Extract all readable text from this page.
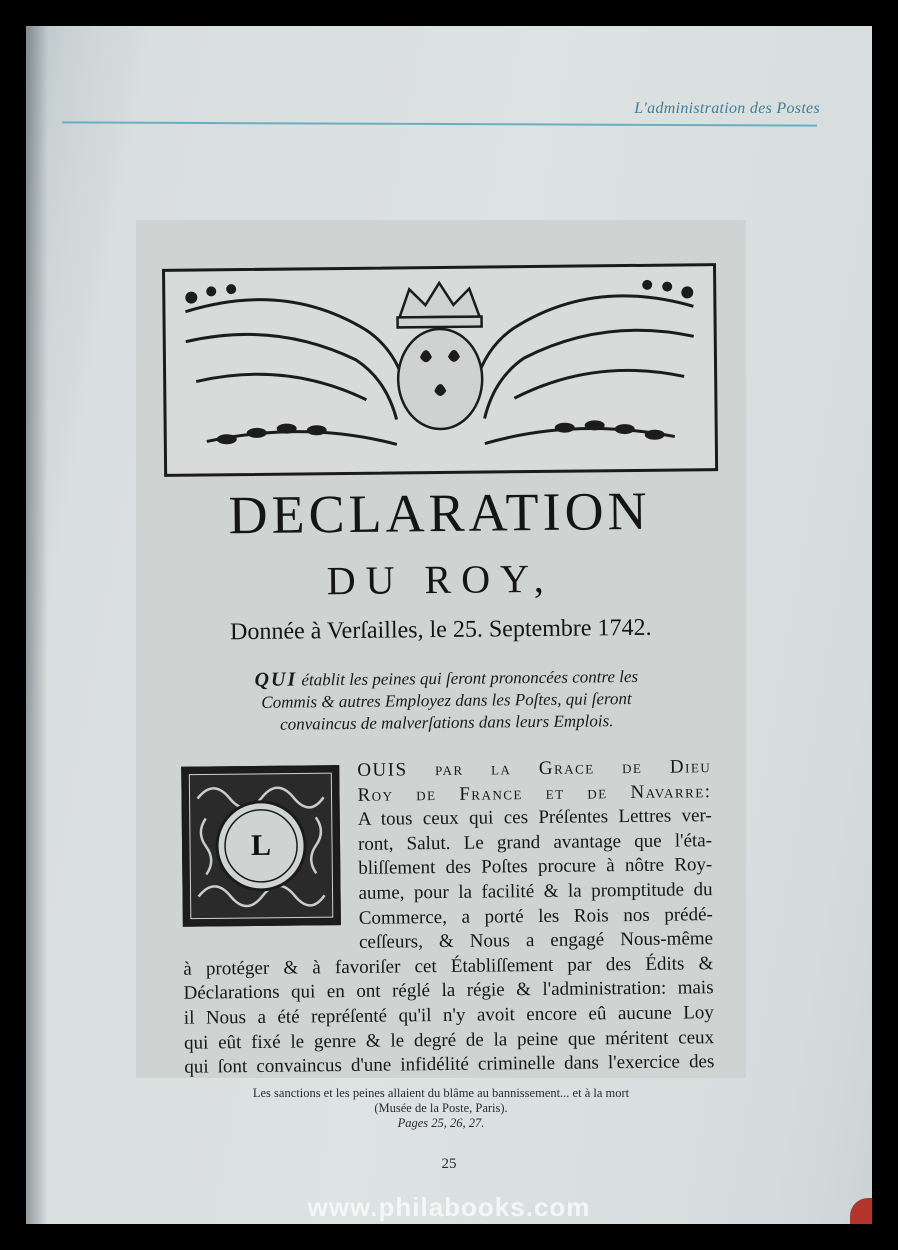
L'administration des Postes
DECLARATION
DU ROY,
Donnée à Verſailles, le 25. Septembre 1742.
QUI établit les peines qui ſeront prononcées contre les
Commis & autres Employez dans les Poſtes, qui ſeront
convaincus de malverſations dans leurs Emplois.
L
OUIS par la Grace de Dieu
Roy de France et de Navarre:
A tous ceux qui ces Préſentes Lettres ver-
ront, Salut. Le grand avantage que l'éta-
bliſſement des Poſtes procure à nôtre Roy-
aume, pour la facilité & la promptitude du
Commerce, a porté les Rois nos prédé-
ceſſeurs, & Nous a engagé Nous-même
à protéger & à favoriſer cet Établiſſement par des Édits &
Déclarations qui en ont réglé la régie & l'administration: mais
il Nous a été repréſenté qu'il n'y avoit encore eû aucune Loy
qui eût fixé le genre & le degré de la peine que méritent ceux
qui ſont convaincus d'une infidélité criminelle dans l'exercice des
Les sanctions et les peines allaient du blâme au bannissement... et à la mort
(Musée de la Poste, Paris).
Pages 25, 26, 27.
25
www.philabooks.com
